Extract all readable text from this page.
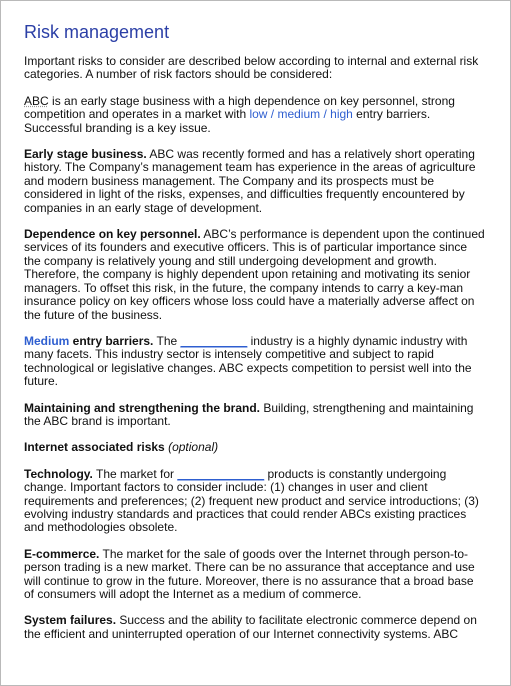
Risk management

Important risks to consider are described below according to internal and external risk categories. A number of risk factors should be considered:

ABC is an early stage business with a high dependence on key personnel, strong competition and operates in a market with low / medium / high entry barriers. Successful branding is a key issue.

Early stage business. ABC was recently formed and has a relatively short operating history. The Company’s management team has experience in the areas of agriculture and modern business management. The Company and its prospects must be considered in light of the risks, expenses, and difficulties frequently encountered by companies in an early stage of development.

Dependence on key personnel. ABC’s performance is dependent upon the continued services of its founders and executive officers. This is of particular importance since the company is relatively young and still undergoing development and growth. Therefore, the company is highly dependent upon retaining and motivating its senior managers. To offset this risk, in the future, the company intends to carry a key-man insurance policy on key officers whose loss could have a materially adverse affect on the future of the business.

Medium entry barriers. The __________ industry is a highly dynamic industry with many facets. This industry sector is intensely competitive and subject to rapid technological or legislative changes. ABC expects competition to persist well into the future.

Maintaining and strengthening the brand. Building, strengthening and maintaining the ABC brand is important.

Internet associated risks (optional)

Technology. The market for _____________ products is constantly undergoing change. Important factors to consider include: (1) changes in user and client requirements and preferences; (2) frequent new product and service introductions; (3) evolving industry standards and practices that could render ABCs existing practices and methodologies obsolete.

E-commerce. The market for the sale of goods over the Internet through person-to-person trading is a new market. There can be no assurance that acceptance and use will continue to grow in the future. Moreover, there is no assurance that a broad base of consumers will adopt the Internet as a medium of commerce.

System failures. Success and the ability to facilitate electronic commerce depend on the efficient and uninterrupted operation of our Internet connectivity systems. ABC
